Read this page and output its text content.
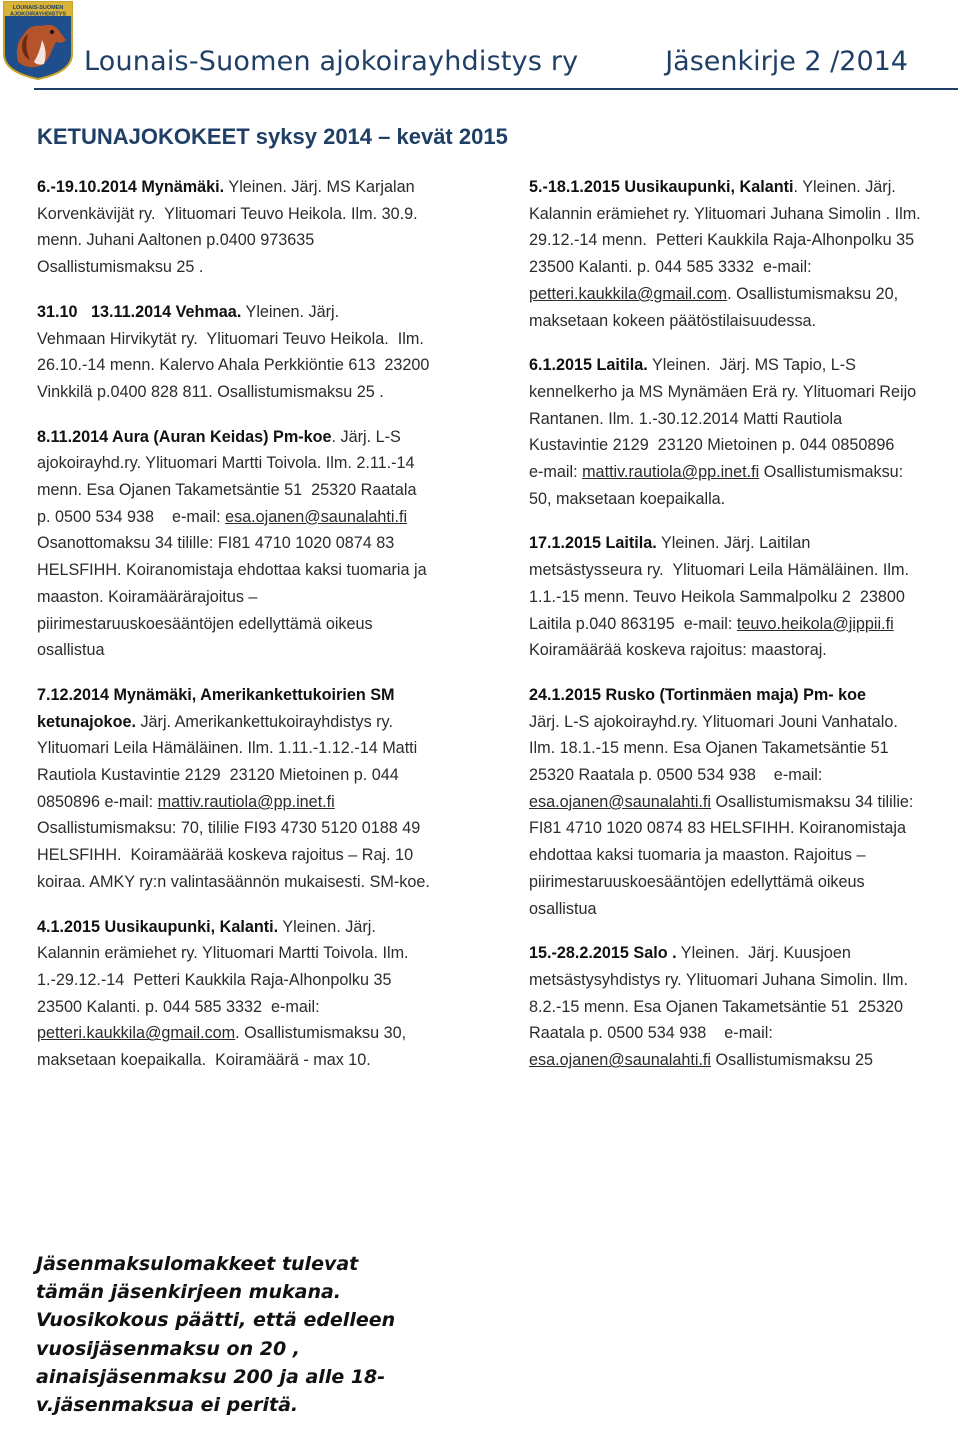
LOUNAIS-SUOMEN
AJOKOIRAYHDISTYS
Lounais-Suomen ajokoirayhdistys ry	Jäsenkirje 2 /2014
KETUNAJOKOKEET syksy 2014 – kevät 2015
6.-19.10.2014 Mynämäki. Yleinen. Järj. MS Karjalan
Korvenkävijät ry.  Ylituomari Teuvo Heikola. Ilm. 30.9.
menn. Juhani Aaltonen p.0400 973635
Osallistumismaksu 25 .
31.10   13.11.2014 Vehmaa. Yleinen. Järj.
Vehmaan Hirvikytät ry.  Ylituomari Teuvo Heikola.  Ilm.
26.10.-14 menn. Kalervo Ahala Perkkiöntie 613  23200
Vinkkilä p.0400 828 811. Osallistumismaksu 25 .
8.11.2014 Aura (Auran Keidas) Pm-koe. Järj. L-S
ajokoirayhd.ry. Ylituomari Martti Toivola. Ilm. 2.11.-14
menn. Esa Ojanen Takametsäntie 51  25320 Raatala
p. 0500 534 938    e-mail: esa.ojanen@saunalahti.fi
Osanottomaksu 34 tilille: FI81 4710 1020 0874 83
HELSFIHH. Koiranomistaja ehdottaa kaksi tuomaria ja
maaston. Koiramäärärajoitus –
piirimestaruuskoesääntöjen edellyttämä oikeus
osallistua
7.12.2014 Mynämäki, Amerikankettukoirien SM
ketunajokoe. Järj. Amerikankettukoirayhdistys ry.
Ylituomari Leila Hämäläinen. Ilm. 1.11.-1.12.-14 Matti
Rautiola Kustavintie 2129  23120 Mietoinen p. 044
0850896 e-mail: mattiv.rautiola@pp.inet.fi
Osallistumismaksu: 70, tililie FI93 4730 5120 0188 49
HELSFIHH.  Koiramäärää koskeva rajoitus – Raj. 10
koiraa. AMKY ry:n valintasäännön mukaisesti. SM-koe.
4.1.2015 Uusikaupunki, Kalanti. Yleinen. Järj.
Kalannin erämiehet ry. Ylituomari Martti Toivola. Ilm.
1.-29.12.-14  Petteri Kaukkila Raja-Alhonpolku 35
23500 Kalanti. p. 044 585 3332  e-mail:
petteri.kaukkila@gmail.com. Osallistumismaksu 30,
maksetaan koepaikalla.  Koiramäärä - max 10.
5.-18.1.2015 Uusikaupunki, Kalanti. Yleinen. Järj.
Kalannin erämiehet ry. Ylituomari Juhana Simolin . Ilm.
29.12.-14 menn.  Petteri Kaukkila Raja-Alhonpolku 35
23500 Kalanti. p. 044 585 3332  e-mail:
petteri.kaukkila@gmail.com. Osallistumismaksu 20,
maksetaan kokeen päätöstilaisuudessa.
6.1.2015 Laitila. Yleinen.  Järj. MS Tapio, L-S
kennelkerho ja MS Mynämäen Erä ry. Ylituomari Reijo
Rantanen. Ilm. 1.-30.12.2014 Matti Rautiola
Kustavintie 2129  23120 Mietoinen p. 044 0850896
e-mail: mattiv.rautiola@pp.inet.fi Osallistumismaksu:
50, maksetaan koepaikalla.
17.1.2015 Laitila. Yleinen. Järj. Laitilan
metsästysseura ry.  Ylituomari Leila Hämäläinen. Ilm.
1.1.-15 menn. Teuvo Heikola Sammalpolku 2  23800
Laitila p.040 863195  e-mail: teuvo.heikola@jippii.fi
Koiramäärää koskeva rajoitus: maastoraj.
24.1.2015 Rusko (Tortinmäen maja) Pm- koe
Järj. L-S ajokoirayhd.ry. Ylituomari Jouni Vanhatalo.
Ilm. 18.1.-15 menn. Esa Ojanen Takametsäntie 51
25320 Raatala p. 0500 534 938    e-mail:
esa.ojanen@saunalahti.fi Osallistumismaksu 34 tililie:
FI81 4710 1020 0874 83 HELSFIHH. Koiranomistaja
ehdottaa kaksi tuomaria ja maaston. Rajoitus –
piirimestaruuskoesääntöjen edellyttämä oikeus
osallistua
15.-28.2.2015 Salo . Yleinen.  Järj. Kuusjoen
metsästysyhdistys ry. Ylituomari Juhana Simolin. Ilm.
8.2.-15 menn. Esa Ojanen Takametsäntie 51  25320
Raatala p. 0500 534 938    e-mail:
esa.ojanen@saunalahti.fi Osallistumismaksu 25
Jäsenmaksulomakkeet tulevat
tämän jäsenkirjeen mukana.
Vuosikokous päätti, että edelleen
vuosijäsenmaksu on 20 ,
ainaisjäsenmaksu 200 ja alle 18-
v.jäsenmaksua ei peritä.
